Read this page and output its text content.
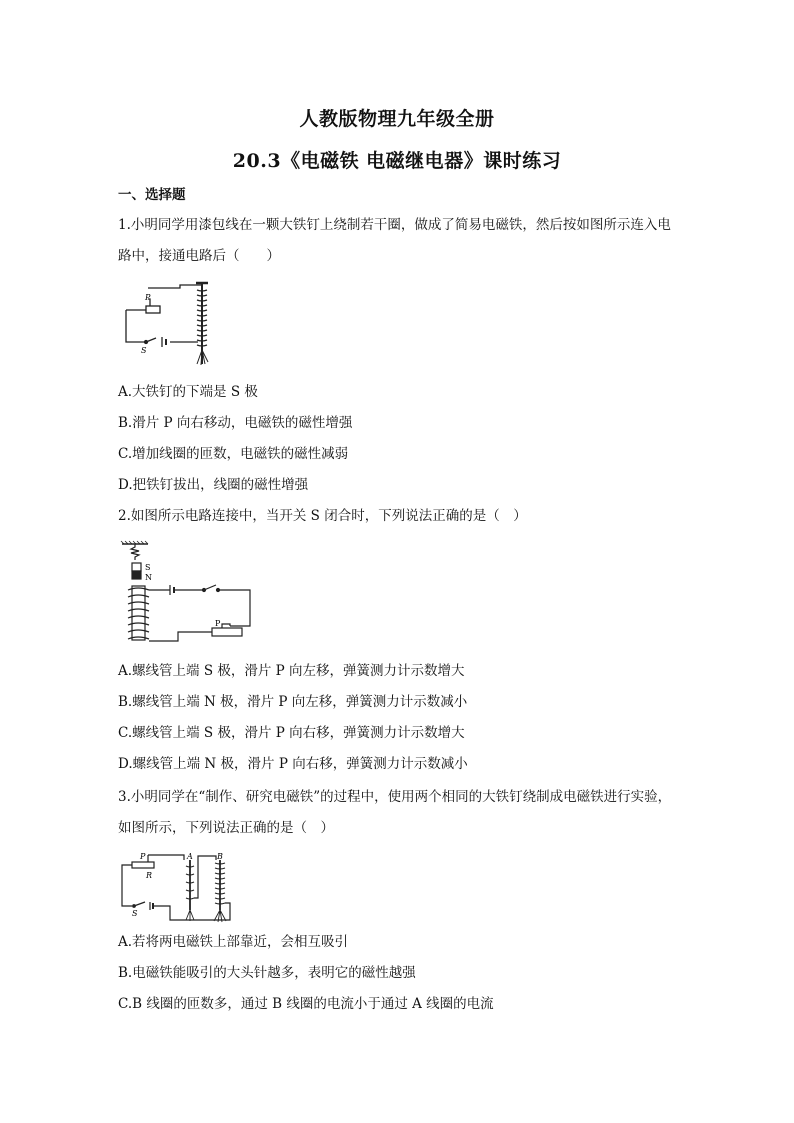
人教版物理九年级全册
20.3《电磁铁 电磁继电器》课时练习
一、选择题
1.小明同学用漆包线在一颗大铁钉上绕制若干圈，做成了简易电磁铁，然后按如图所示连入电
路中，接通电路后（　　）
P
S
A.大铁钉的下端是 S 极
B.滑片 P 向右移动，电磁铁的磁性增强
C.增加线圈的匝数，电磁铁的磁性减弱
D.把铁钉拔出，线圈的磁性增强
2.如图所示电路连接中，当开关 S 闭合时，下列说法正确的是（　）
S
N
P
A.螺线管上端 S 极，滑片 P 向左移，弹簧测力计示数增大
B.螺线管上端 N 极，滑片 P 向左移，弹簧测力计示数减小
C.螺线管上端 S 极，滑片 P 向右移，弹簧测力计示数增大
D.螺线管上端 N 极，滑片 P 向右移，弹簧测力计示数减小
3.小明同学在“制作、研究电磁铁”的过程中，使用两个相同的大铁钉绕制成电磁铁进行实验，
如图所示，下列说法正确的是（　）
P
R
S
A	B
A.若将两电磁铁上部靠近，会相互吸引
B.电磁铁能吸引的大头针越多，表明它的磁性越强
C.B 线圈的匝数多，通过 B 线圈的电流小于通过 A 线圈的电流
